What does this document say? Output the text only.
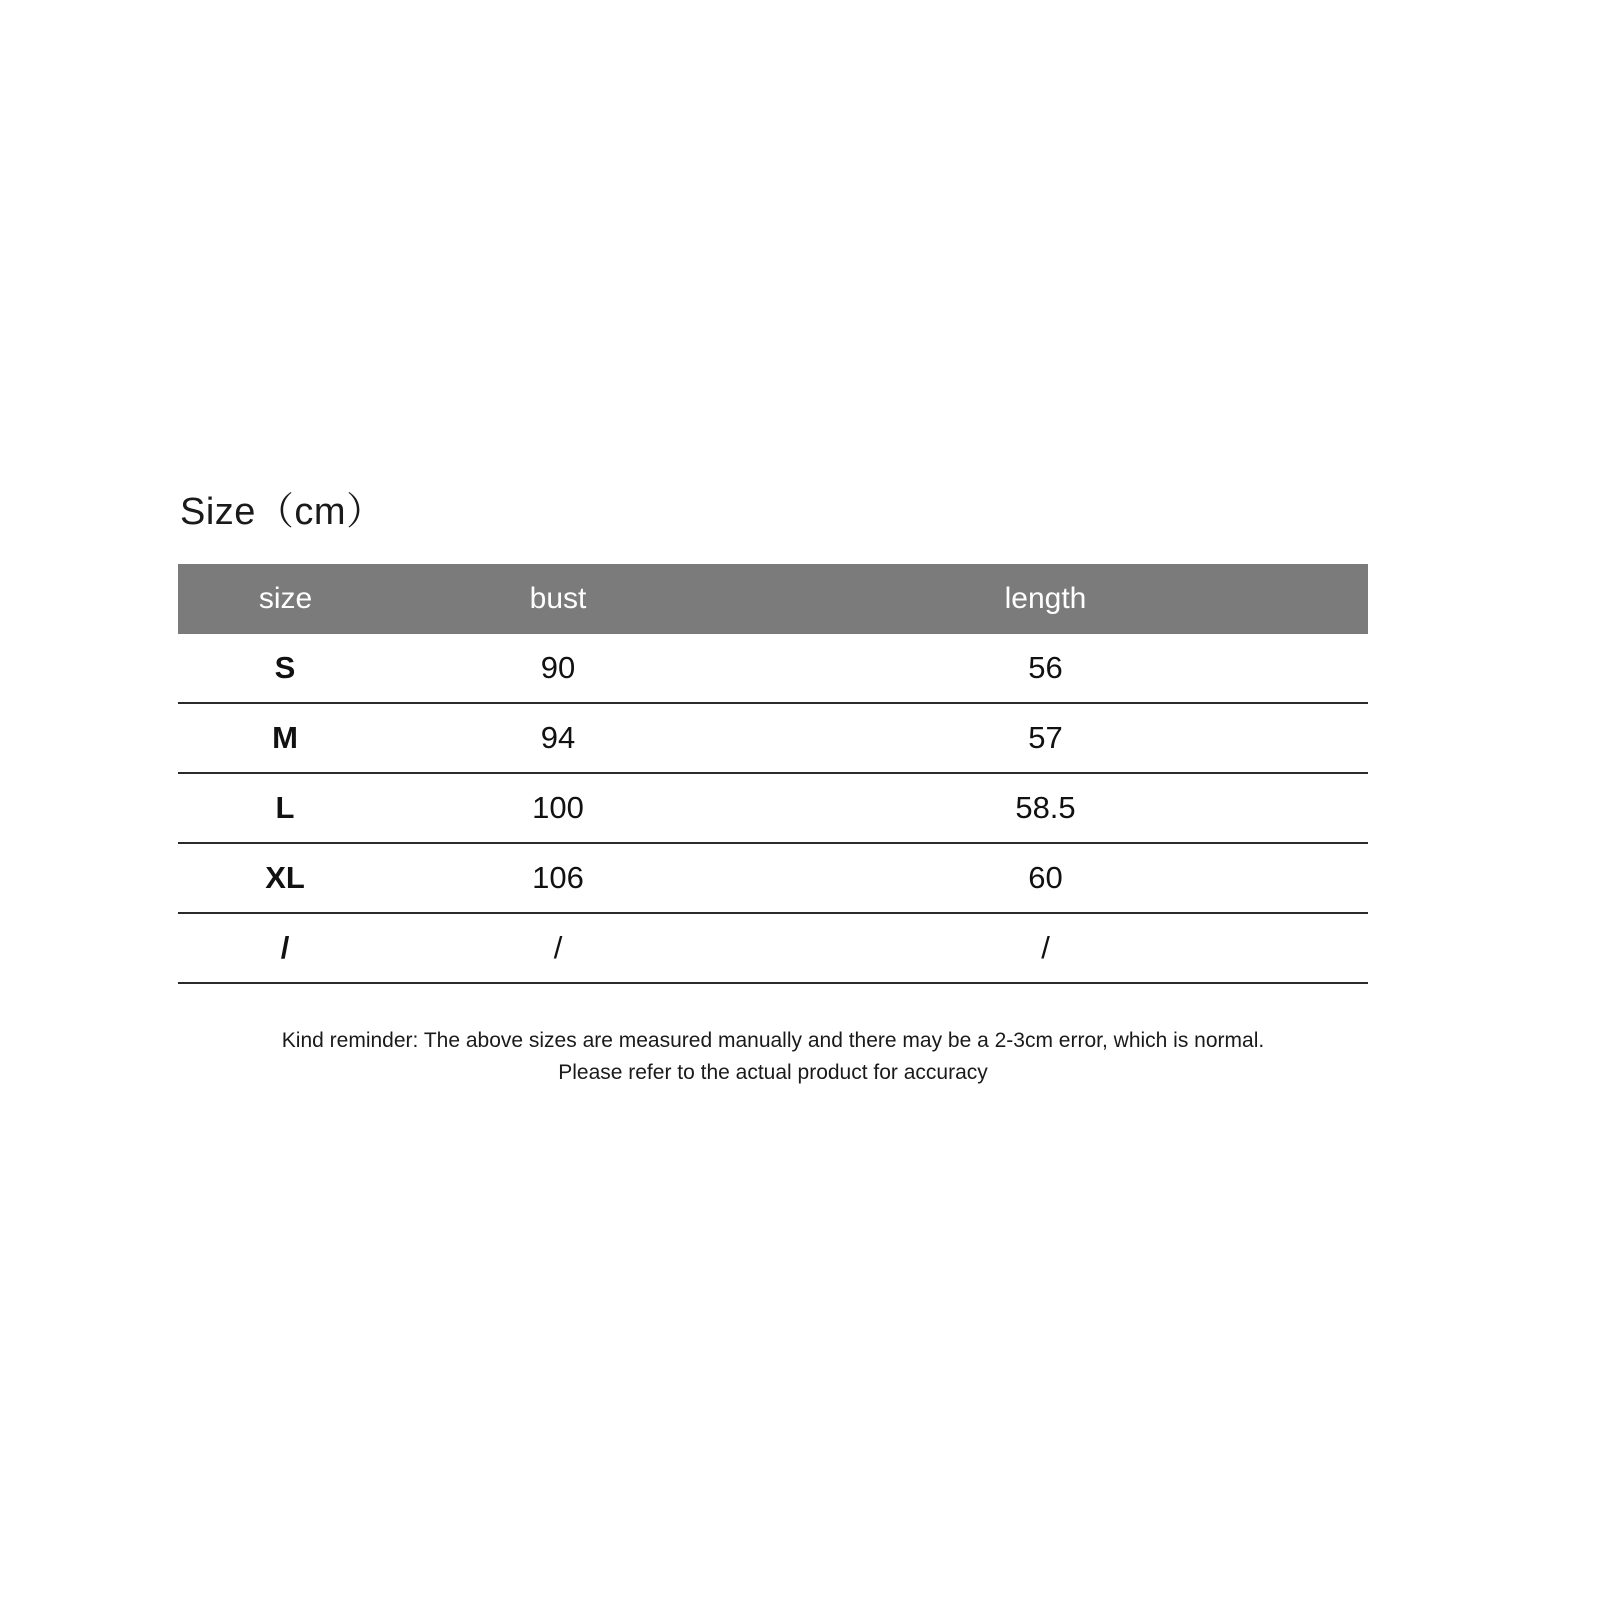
Size（cm）
size	bust	length
S	90	56
M	94	57
L	100	58.5
XL	106	60
/	/	/
Kind reminder: The above sizes are measured manually and there may be a 2-3cm error, which is normal.
Please refer to the actual product for accuracy
